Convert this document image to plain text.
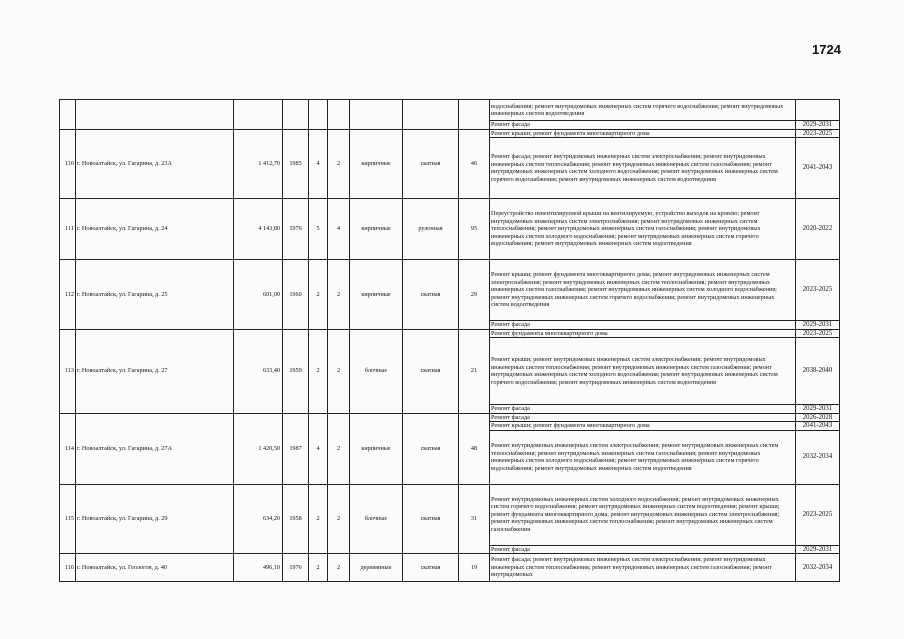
1724
									водоснабжения; ремонт внутридомовых инженерных систем горячего водоснабжения; ремонт внутридомовых инженерных систем водоотведения	
									Ремонт фасада	2029-2031
110	г. Новоалтайск, ул. Гагарина, д. 23А	1 412,70	1985	4	2	кирпичные	скатная	46	Ремонт крыши; ремонт фундамента многоквартирного дома	2023-2025
									Ремонт фасада; ремонт внутридомовых инженерных систем электроснабжения; ремонт внутридомовых инженерных систем теплоснабжения; ремонт внутридомовых инженерных систем газоснабжения; ремонт внутридомовых инженерных систем холодного водоснабжения; ремонт внутридомовых инженерных систем горячего водоснабжения; ремонт внутридомовых инженерных систем водоотведения	2041-2043
111	г. Новоалтайск, ул. Гагарина, д. 24	4 143,80	1976	5	4	кирпичные	рулонная	95	Переустройство невентилируемой крыши на вентилируемую, устройство выходов на кровлю; ремонт внутридомовых инженерных систем электроснабжения; ремонт внутридомовых инженерных систем теплоснабжения; ремонт внутридомовых инженерных систем газоснабжения; ремонт внутридомовых инженерных систем холодного водоснабжения; ремонт внутридомовых инженерных систем горячего водоснабжения; ремонт внутридомовых инженерных систем водоотведения	2020-2022
112	г. Новоалтайск, ул. Гагарина, д. 25	601,00	1960	2	2	кирпичные	скатная	29	Ремонт крыши; ремонт фундамента многоквартирного дома; ремонт внутридомовых инженерных систем электроснабжения; ремонт внутридомовых инженерных систем теплоснабжения; ремонт внутридомовых инженерных систем газоснабжения; ремонт внутридомовых инженерных систем холодного водоснабжения; ремонт внутридомовых инженерных систем горячего водоснабжения; ремонт внутридомовых инженерных систем водоотведения	2023-2025
									Ремонт фасада	2029-2031
113	г. Новоалтайск, ул. Гагарина, д. 27	633,40	1959	2	2	блочные	скатная	21	Ремонт фундамента многоквартирного дома	2023-2025
									Ремонт крыши; ремонт внутридомовых инженерных систем электроснабжения; ремонт внутридомовых инженерных систем теплоснабжения; ремонт внутридомовых инженерных систем газоснабжения; ремонт внутридомовых инженерных систем холодного водоснабжения; ремонт внутридомовых инженерных систем горячего водоснабжения; ремонт внутридомовых инженерных систем водоотведения	2038-2040
									Ремонт фасада	2029-2031
114	г. Новоалтайск, ул. Гагарина, д. 27А	1 420,50	1987	4	2	кирпичные	скатная	48	Ремонт фасада	2026-2028
									Ремонт крыши; ремонт фундамента многоквартирного дома	2041-2043
									Ремонт внутридомовых инженерных систем электроснабжения; ремонт внутридомовых инженерных систем теплоснабжения; ремонт внутридомовых инженерных систем газоснабжения; ремонт внутридомовых инженерных систем холодного водоснабжения; ремонт внутридомовых инженерных систем горячего водоснабжения; ремонт внутридомовых инженерных систем водоотведения	2032-2034
115	г. Новоалтайск, ул. Гагарина, д. 29	634,20	1958	2	2	блочные	скатная	31	Ремонт внутридомовых инженерных систем холодного водоснабжения; ремонт внутридомовых инженерных систем горячего водоснабжения; ремонт внутридомовых инженерных систем водоотведения; ремонт крыши; ремонт фундамента многоквартирного дома; ремонт внутридомовых инженерных систем электроснабжения; ремонт внутридомовых инженерных систем теплоснабжения; ремонт внутридомовых инженерных систем газоснабжения	2023-2025
									Ремонт фасада	2029-2031
116	г. Новоалтайск, ул. Геологов, д. 40	496,10	1976	2	2	деревянные	скатная	19	Ремонт фасада; ремонт внутридомовых инженерных систем электроснабжения; ремонт внутридомовых инженерных систем теплоснабжения; ремонт внутридомовых инженерных систем газоснабжения; ремонт внутридомовых	2032-2034
